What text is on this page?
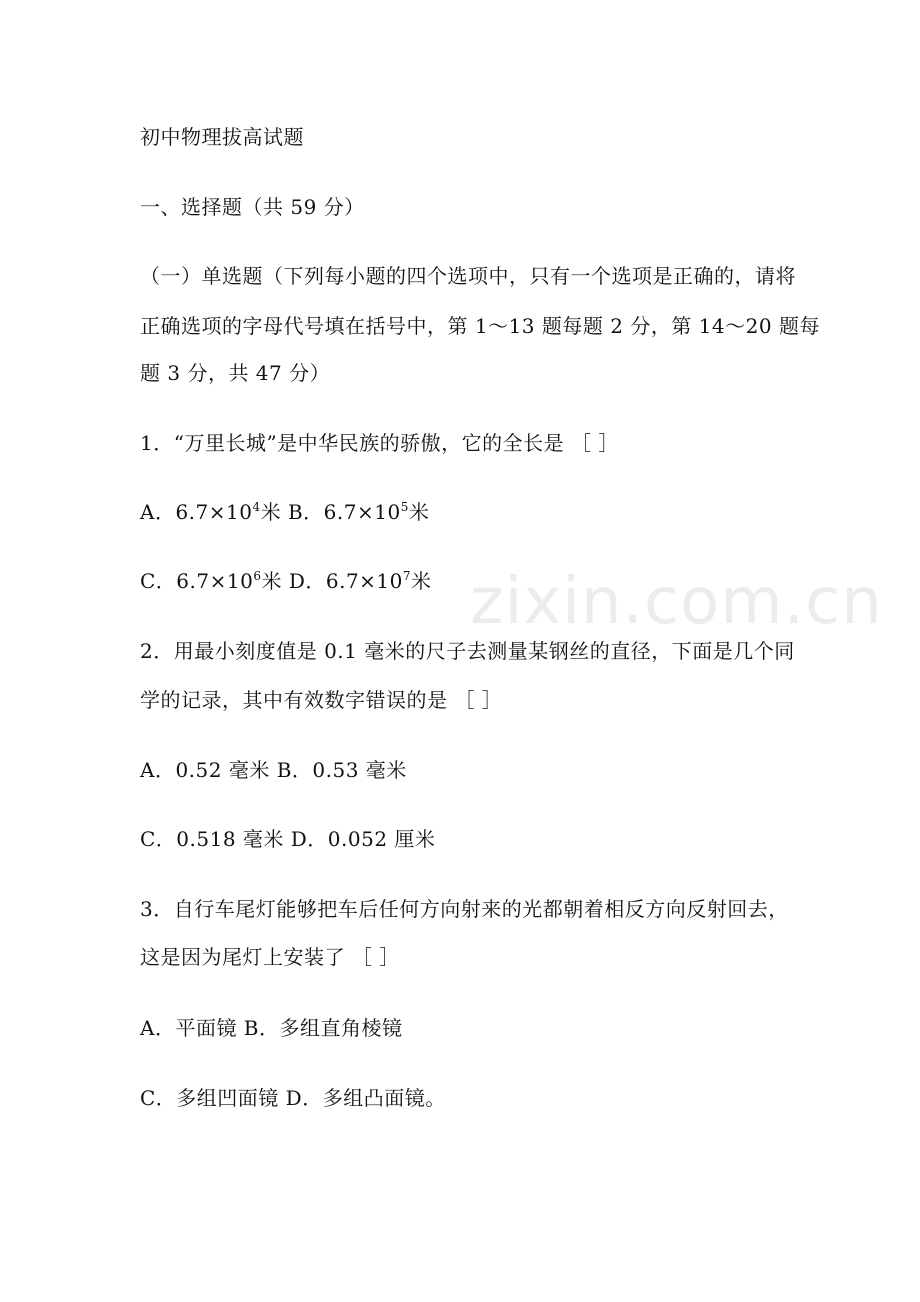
初中物理拔高试题
一、选择题（共 59 分）
（一）单选题（下列每小题的四个选项中，只有一个选项是正确的，请将
正确选项的字母代号填在括号中，第 1～13 题每题 2 分，第 14～20 题每
题 3 分，共 47 分）
1．“万里长城”是中华民族的骄傲，它的全长是 ［ ］
A．$6.7\times 10^4$米 B．$6.7\times 10^5$米
C．$6.7\times 10^6$米 D．$6.7\times 10^7$米
2．用最小刻度值是 0.1 毫米的尺子去测量某钢丝的直径，下面是几个同
学的记录，其中有效数字错误的是 ［ ］
A．0.52 毫米 B．0.53 毫米
C．0.518 毫米 D．0.052 厘米
3．自行车尾灯能够把车后任何方向射来的光都朝着相反方向反射回去，
这是因为尾灯上安装了 ［ ］
A．平面镜 B．多组直角棱镜
C．多组凹面镜 D．多组凸面镜。
zixin.com.cn
